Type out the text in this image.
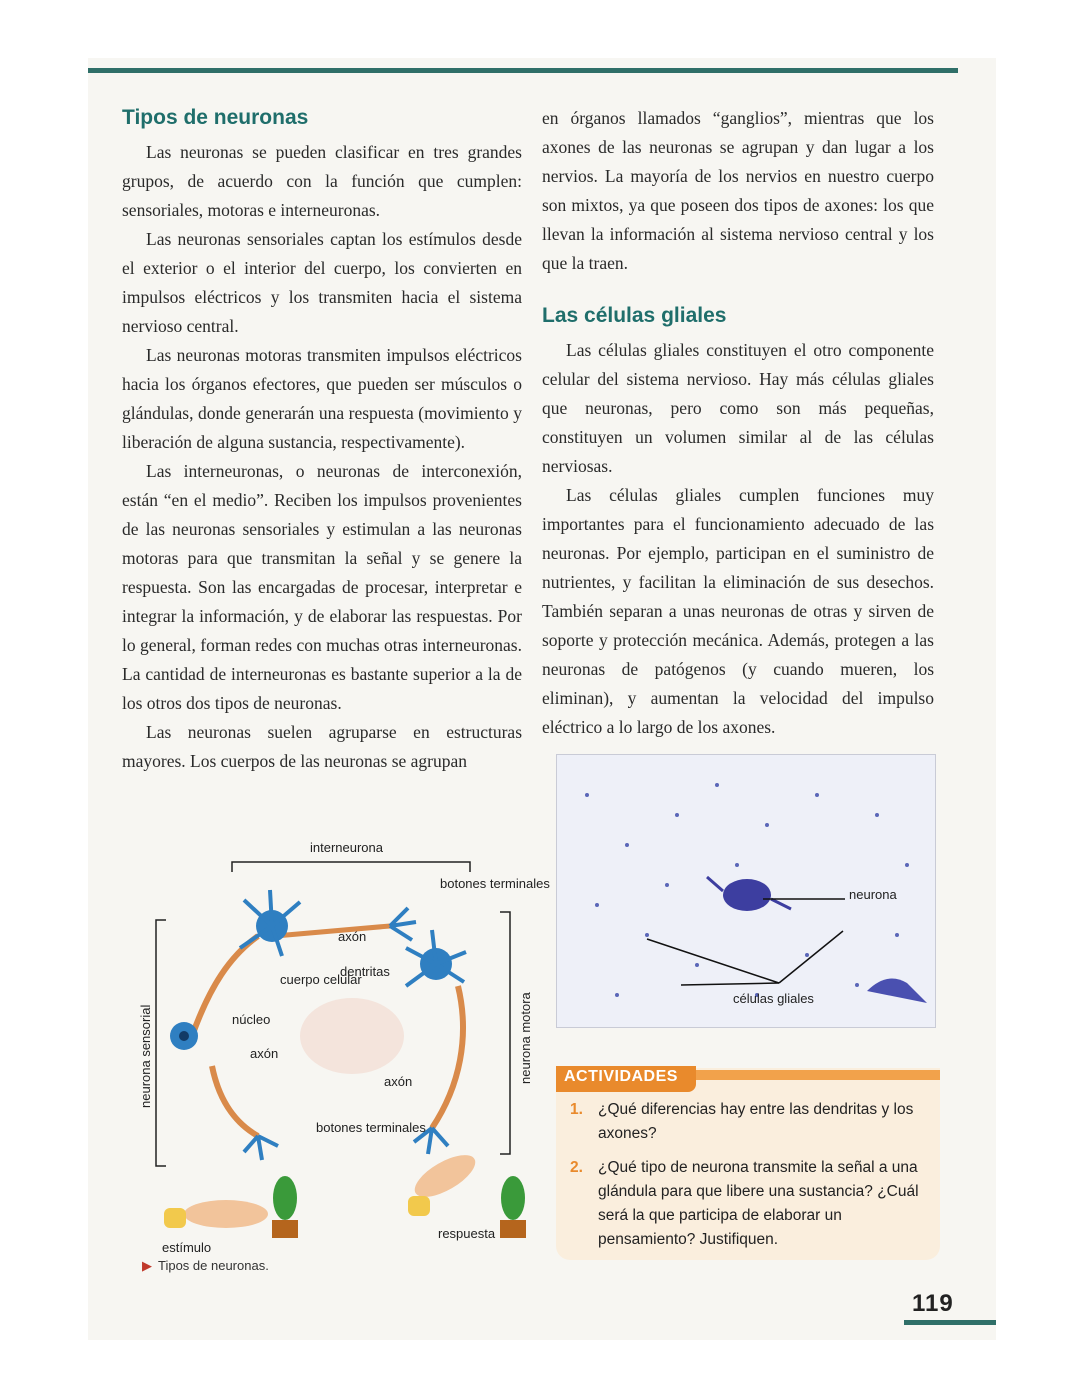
Tipos de neuronas

Las neuronas se pueden clasificar en tres grandes grupos, de acuerdo con la función que cumplen: sensoriales, motoras e interneuronas.

Las neuronas sensoriales captan los estímulos desde el exterior o el interior del cuerpo, los convierten en impulsos eléctricos y los transmiten hacia el sistema nervioso central.

Las neuronas motoras transmiten impulsos eléctricos hacia los órganos efectores, que pueden ser músculos o glándulas, donde generarán una respuesta (movimiento y liberación de alguna sustancia, respectivamente).

Las interneuronas, o neuronas de interconexión, están “en el medio”. Reciben los impulsos provenientes de las neuronas sensoriales y estimulan a las neuronas motoras para que transmitan la señal y se genere la respuesta. Son las encargadas de procesar, interpretar e integrar la información, y de elaborar las respuestas. Por lo general, forman redes con muchas otras interneuronas. La cantidad de interneuronas es bastante superior a la de los otros dos tipos de neuronas.

Las neuronas suelen agruparse en estructuras mayores. Los cuerpos de las neuronas se agrupan

en órganos llamados “ganglios”, mientras que los axones de las neuronas se agrupan y dan lugar a los nervios. La mayoría de los nervios en nuestro cuerpo son mixtos, ya que poseen dos tipos de axones: los que llevan la información al sistema nervioso central y los que la traen.

Las células gliales

Las células gliales constituyen el otro componente celular del sistema nervioso. Hay más células gliales que neuronas, pero como son más pequeñas, constituyen un volumen similar al de las células nerviosas.

Las células gliales cumplen funciones muy importantes para el funcionamiento adecuado de las neuronas. Por ejemplo, participan en el suministro de nutrientes, y facilitan la eliminación de sus desechos. También separan a unas neuronas de otras y sirven de soporte y protección mecánica. Además, protegen a las neuronas de patógenos (y cuando mueren, los eliminan), y aumentan la velocidad del impulso eléctrico a lo largo de los axones.

interneurona
neurona sensorial	neurona motora
botones terminales
axón
dentritas
cuerpo celular
núcleo
axón
axón
botones terminales
estímulo
respuesta
▶ Tipos de neuronas.
neurona
células gliales
ACTIVIDADES
1. ¿Qué diferencias hay entre las dendritas y los axones?
2. ¿Qué tipo de neurona transmite la señal a una glándula para que libere una sustancia? ¿Cuál será la que participa de elaborar un pensamiento? Justifiquen.
119
